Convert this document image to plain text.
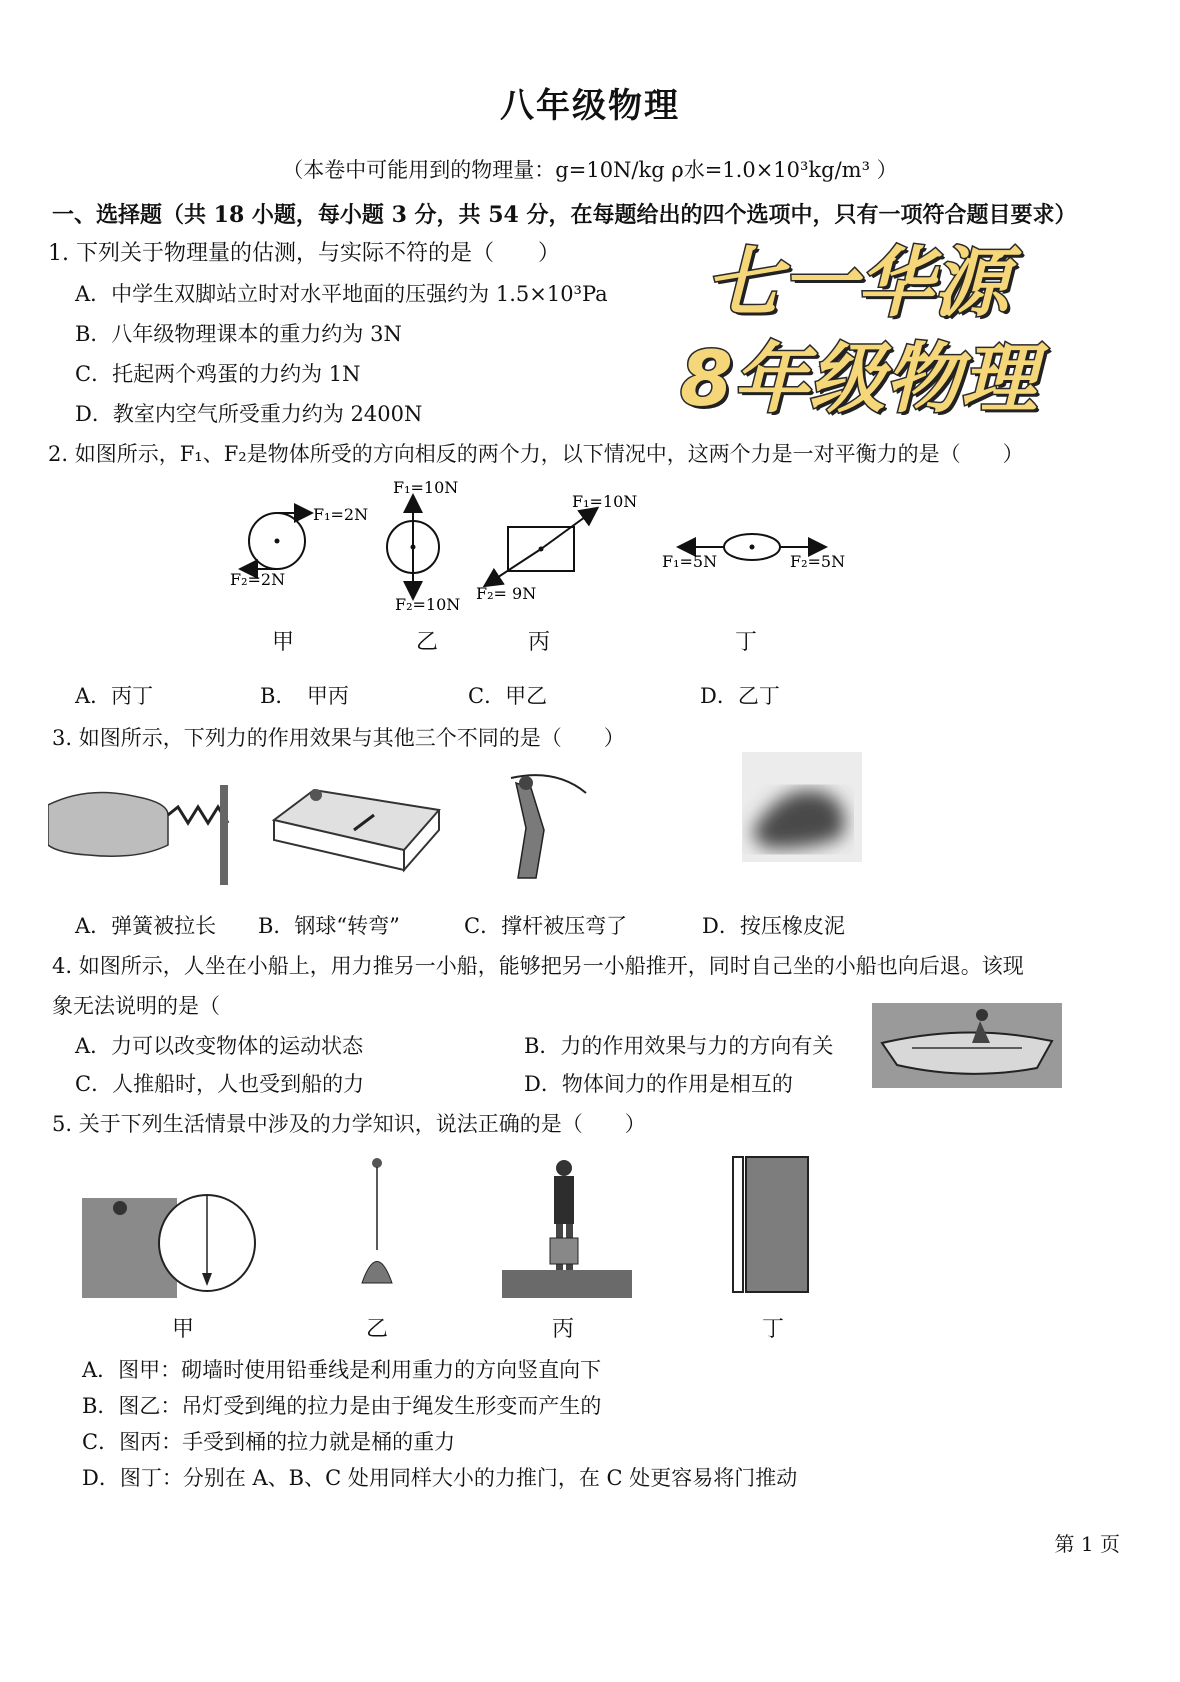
八年级物理
（本卷中可能用到的物理量：g=10N/kg ρ水=1.0×10³kg/m³ ）
一、选择题（共 18 小题，每小题 3 分，共 54 分，在每题给出的四个选项中，只有一项符合题目要求）
七一华源
8年级物理
1. 下列关于物理量的估测，与实际不符的是（　　）
A．中学生双脚站立时对水平地面的压强约为 1.5×10³Pa
B．八年级物理课本的重力约为 3N
C．托起两个鸡蛋的力约为 1N
D．教室内空气所受重力约为 2400N
2. 如图所示，F₁、F₂是物体所受的方向相反的两个力，以下情况中，这两个力是一对平衡力的是（　　）
F₁=2N
F₂=2N
F₁=10N
F₂=10N
F₁=10N
F₂= 9N
F₁=5N	F₂=5N
甲	乙	丙	丁
A．丙丁	B．　甲丙	C．甲乙	D．乙丁
3. 如图所示，下列力的作用效果与其他三个不同的是（　　）
A．弹簧被拉长 B．钢球“转弯”	C．撑杆被压弯了	D．按压橡皮泥
4. 如图所示，人坐在小船上，用力推另一小船，能够把另一小船推开，同时自己坐的小船也向后退。该现
象无法说明的是（
A．力可以改变物体的运动状态	B．力的作用效果与力的方向有关
C．人推船时，人也受到船的力	D．物体间力的作用是相互的
5. 关于下列生活情景中涉及的力学知识，说法正确的是（　　）
甲	乙	丙	丁
A．图甲：砌墙时使用铅垂线是利用重力的方向竖直向下
B．图乙：吊灯受到绳的拉力是由于绳发生形变而产生的
C．图丙：手受到桶的拉力就是桶的重力
D．图丁：分别在 A、B、C 处用同样大小的力推门，在 C 处更容易将门推动
第 1 页
